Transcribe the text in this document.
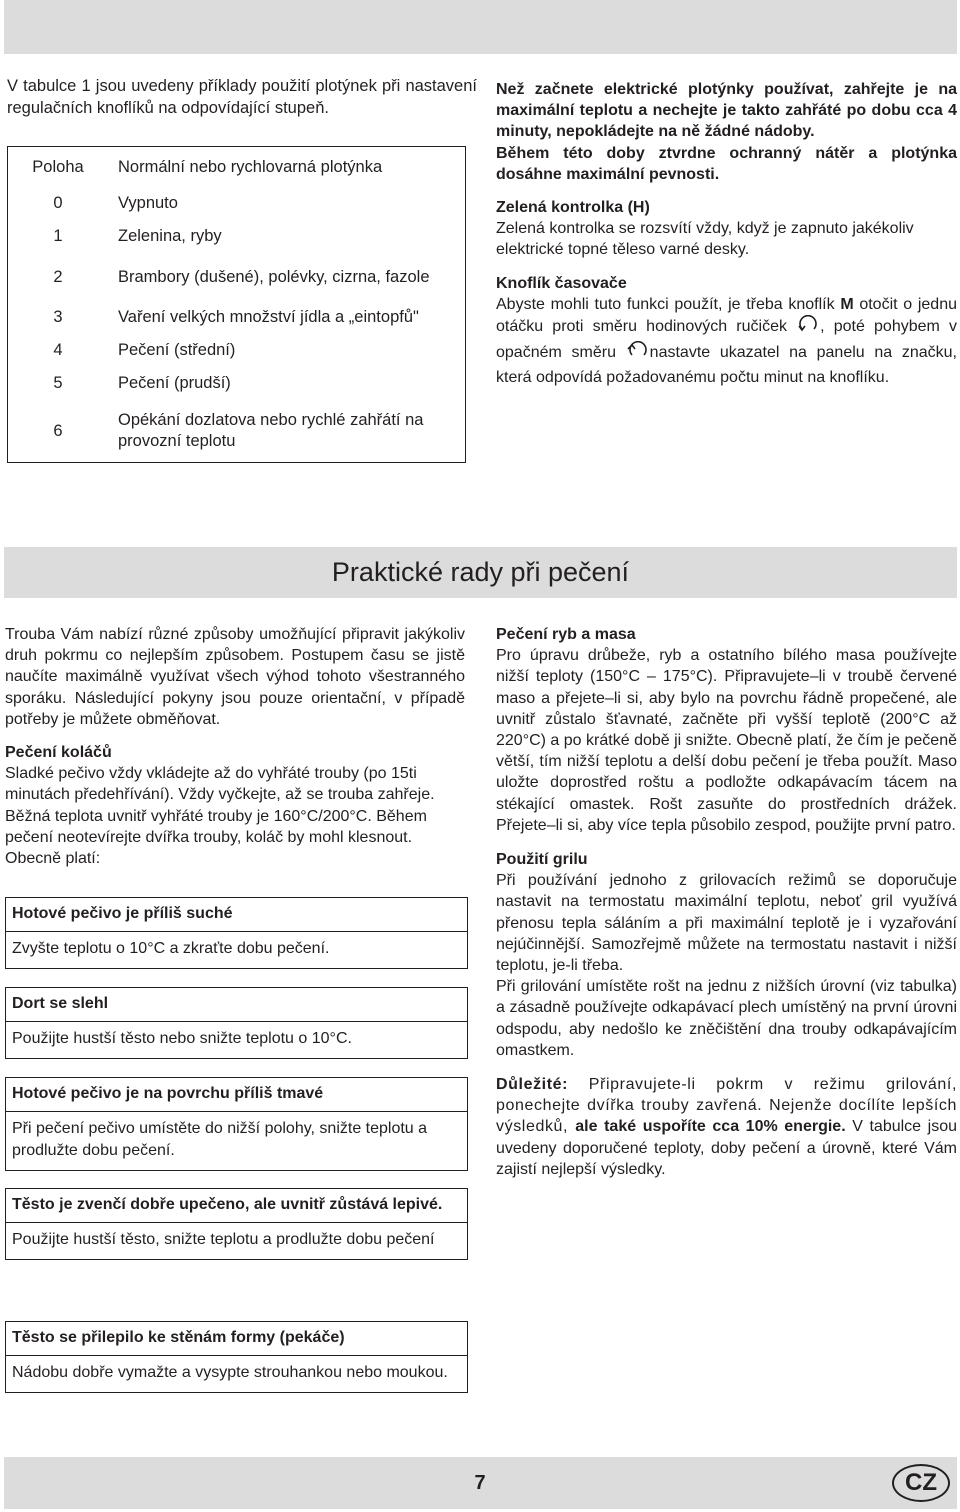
V tabulce 1 jsou uvedeny příklady použití plotýnek při nastavení regulačních knoflíků na odpovídající stupeň.

Poloha	Normální nebo rychlovarná plotýnka
0	Vypnuto
1	Zelenina, ryby
2	Brambory (dušené), polévky, cizrna, fazole
3	Vaření velkých množství jídla a „eintopfů"
4	Pečení (střední)
5	Pečení (prudší)
6	Opékání dozlatova nebo rychlé zahřátí na provozní teplotu

Než začnete elektrické plotýnky používat, zahřejte je na maximální teplotu a nechejte je takto zahřáté po dobu cca 4 minuty, nepokládejte na ně žádné nádoby.

Během této doby ztvrdne ochranný nátěr a plotýnka dosáhne maximální pevnosti.

Zelená kontrolka (H)

Zelená kontrolka se rozsvítí vždy, když je zapnuto jakékoliv elektrické topné těleso varné desky.

Knoflík časovače

Abyste mohli tuto funkci použít, je třeba knoflík M otočit o jednu otáčku proti směru hodinových ručiček , poté pohybem v opačném směru nastavte ukazatel na panelu na značku, která odpovídá požadovanému počtu minut na knoflíku.

Praktické rady při pečení

Trouba Vám nabízí různé způsoby umožňující připravit jakýkoliv druh pokrmu co nejlepším způsobem. Postupem času se jistě naučíte maximálně využívat všech výhod tohoto všestranného sporáku. Následující pokyny jsou pouze orientační, v případě potřeby je můžete obměňovat.

Pečení koláčů

Sladké pečivo vždy vkládejte až do vyhřáté trouby (po 15ti minutách předehřívání). Vždy vyčkejte, až se trouba zahřeje. Běžná teplota uvnitř vyhřáté trouby je 160°C/200°C. Během pečení neotevírejte dvířka trouby, koláč by mohl klesnout. Obecně platí:

Hotové pečivo je příliš suché
Zvyšte teplotu o 10°C a zkraťte dobu pečení.
Dort se slehl
Použijte hustší těsto nebo snižte teplotu o 10°C.
Hotové pečivo je na povrchu příliš tmavé
Při pečení pečivo umístěte do nižší polohy, snižte teplotu a prodlužte dobu pečení.
Těsto je zvenčí dobře upečeno, ale uvnitř zůstává lepivé.
Použijte hustší těsto, snižte teplotu a prodlužte dobu pečení
Těsto se přilepilo ke stěnám formy (pekáče)
Nádobu dobře vymažte a vysypte strouhankou nebo moukou.
Pečení ryb a masa

Pro úpravu drůbeže, ryb a ostatního bílého masa používejte nižší teploty (150°C – 175°C). Připravujete–li v troubě červené maso a přejete–li si, aby bylo na povrchu řádně propečené, ale uvnitř zůstalo šťavnaté, začněte při vyšší teplotě (200°C až 220°C) a po krátké době ji snižte. Obecně platí, že čím je pečeně větší, tím nižší teplotu a delší dobu pečení je třeba použít. Maso uložte doprostřed roštu a podložte odkapávacím tácem na stékající omastek. Rošt zasuňte do prostředních drážek. Přejete–li si, aby více tepla působilo zespod, použijte první patro.

Použití grilu

Při používání jednoho z grilovacích režimů se doporučuje nastavit na termostatu maximální teplotu, neboť gril využívá přenosu tepla sáláním a při maximální teplotě je i vyzařování nejúčinnější. Samozřejmě můžete na termostatu nastavit i nižší teplotu, je-li třeba.

Při grilování umístěte rošt na jednu z nižších úrovní (viz tabulka) a zásadně používejte odkapávací plech umístěný na první úrovni odspodu, aby nedošlo ke zněčištění dna trouby odkapávajícím omastkem.

Důležité: Připravujete-li pokrm v režimu grilování, ponechejte dvířka trouby zavřená. Nejenže docílíte lepších výsledků, ale také uspoříte cca 10% energie. V tabulce jsou uvedeny doporučené teploty, doby pečení a úrovně, které Vám zajistí nejlepší výsledky.

7	CZ
